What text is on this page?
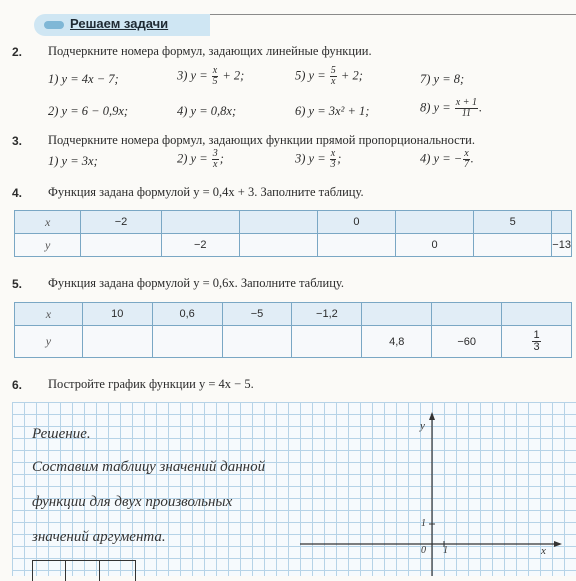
Решаем задачи
2. Подчеркните номера формул, задающих линейные функции.
1) y = 4x − 7;	3) $y = \frac{x}{5} + 2$;	5) $y = \frac{5}{x} + 2$;	7) y = 8;
2) y = 6 − 0,9x;	4) y = 0,8x;	6) y = 3x² + 1;	8) $y = \frac{x + 1}{11}$ .
3. Подчеркните номера формул, задающих функции прямой пропорциональности.
1) y = 3x;	2) $y = \frac{3}{x}$ ;	3) $y = \frac{x}{3}$ ;	4) y = − $\frac{x}{7}$ .
4. Функция задана формулой y = 0,4x + 3. Заполните таблицу.
x	−2			0		5	
y		−2			0		−13
5. Функция задана формулой y = 0,6x. Заполните таблицу.
x	10	0,6	−5	−1,2			
y					4,8	−60	$\frac{1}{3}$
6. Постройте график функции y = 4x − 5.
Решение.
Составим таблицу значений данной
функции для двух произвольных
значений аргумента.
y
x
0 1
1
